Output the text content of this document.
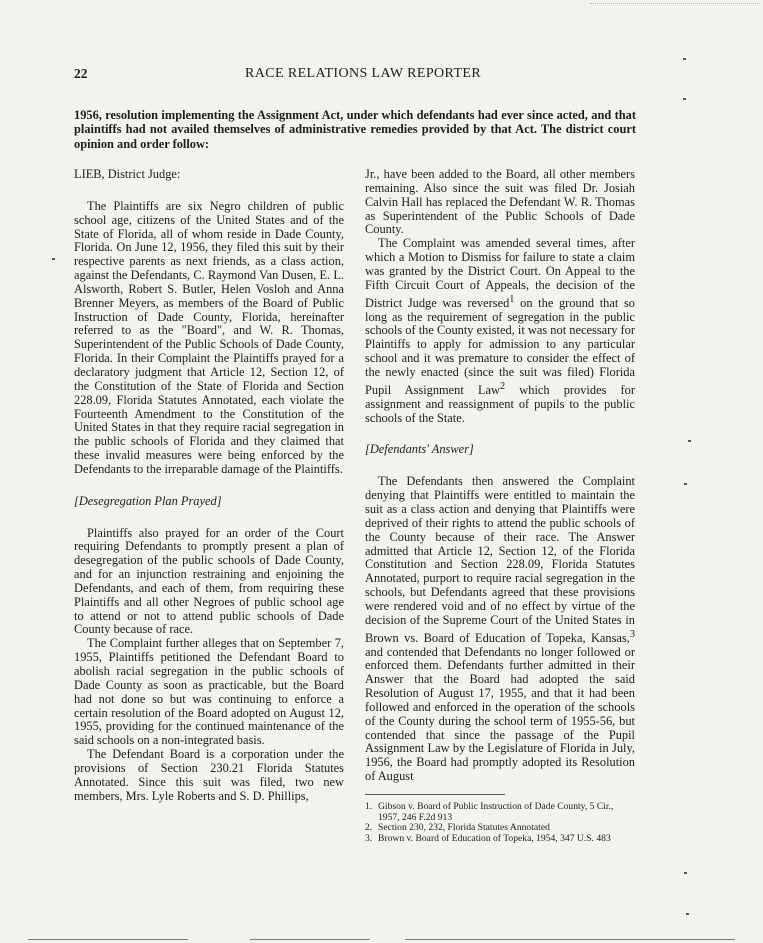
22	RACE RELATIONS LAW REPORTER

1956, resolution implementing the Assignment Act, under which defendants had ever since acted, and that plaintiffs had not availed themselves of administrative remedies provided by that Act. The district court opinion and order follow:

LIEB, District Judge:

The Plaintiffs are six Negro children of public school age, citizens of the United States and of the State of Florida, all of whom reside in Dade County, Florida. On June 12, 1956, they filed this suit by their respective parents as next friends, as a class action, against the Defendants, C. Raymond Van Dusen, E. L. Alsworth, Robert S. Butler, Helen Vosloh and Anna Brenner Meyers, as members of the Board of Public Instruction of Dade County, Florida, hereinafter referred to as the "Board", and W. R. Thomas, Superintendent of the Public Schools of Dade County, Florida. In their Complaint the Plaintiffs prayed for a declaratory judgment that Article 12, Section 12, of the Constitution of the State of Florida and Section 228.09, Florida Statutes Annotated, each violate the Fourteenth Amendment to the Constitution of the United States in that they require racial segregation in the public schools of Florida and they claimed that these invalid measures were being enforced by the Defendants to the irreparable damage of the Plaintiffs.

[Desegregation Plan Prayed]

Plaintiffs also prayed for an order of the Court requiring Defendants to promptly present a plan of desegregation of the public schools of Dade County, and for an injunction restraining and enjoining the Defendants, and each of them, from requiring these Plaintiffs and all other Negroes of public school age to attend or not to attend public schools of Dade County because of race.

The Complaint further alleges that on September 7, 1955, Plaintiffs petitioned the Defendant Board to abolish racial segregation in the public schools of Dade County as soon as practicable, but the Board had not done so but was continuing to enforce a certain resolution of the Board adopted on August 12, 1955, providing for the continued maintenance of the said schools on a non-integrated basis.

The Defendant Board is a corporation under the provisions of Section 230.21 Florida Statutes Annotated. Since this suit was filed, two new members, Mrs. Lyle Roberts and S. D. Phillips,

Jr., have been added to the Board, all other members remaining. Also since the suit was filed Dr. Josiah Calvin Hall has replaced the Defendant W. R. Thomas as Superintendent of the Public Schools of Dade County.

The Complaint was amended several times, after which a Motion to Dismiss for failure to state a claim was granted by the District Court. On Appeal to the Fifth Circuit Court of Appeals, the decision of the District Judge was reversed$^1$ on the ground that so long as the requirement of segregation in the public schools of the County existed, it was not necessary for Plaintiffs to apply for admission to any particular school and it was premature to consider the effect of the newly enacted (since the suit was filed) Florida Pupil Assignment Law$^2$ which provides for assignment and reassignment of pupils to the public schools of the State.

[Defendants' Answer]

The Defendants then answered the Complaint denying that Plaintiffs were entitled to maintain the suit as a class action and denying that Plaintiffs were deprived of their rights to attend the public schools of the County because of their race. The Answer admitted that Article 12, Section 12, of the Florida Constitution and Section 228.09, Florida Statutes Annotated, purport to require racial segregation in the schools, but Defendants agreed that these provisions were rendered void and of no effect by virtue of the decision of the Supreme Court of the United States in Brown vs. Board of Education of Topeka, Kansas,$^3$ and contended that Defendants no longer followed or enforced them. Defendants further admitted in their Answer that the Board had adopted the said Resolution of August 17, 1955, and that it had been followed and enforced in the operation of the schools of the County during the school term of 1955-56, but contended that since the passage of the Pupil Assignment Law by the Legislature of Florida in July, 1956, the Board had promptly adopted its Resolution of August

1. Gibson v. Board of Public Instruction of Dade County, 5 Cir., 1957, 246 F.2d 913
2. Section 230, 232, Florida Statutes Annotated
3. Brown v. Board of Education of Topeka, 1954, 347 U.S. 483
